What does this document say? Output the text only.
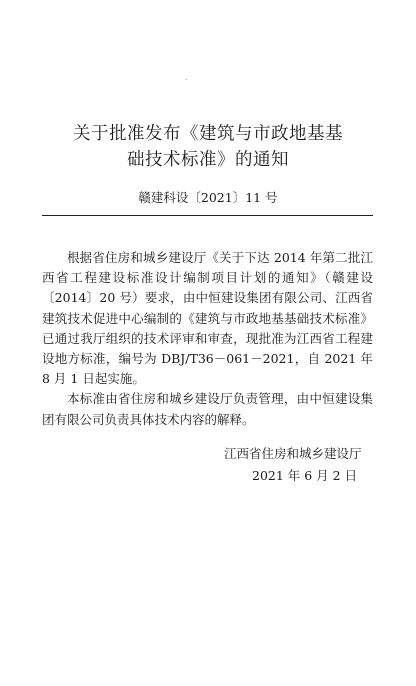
.
关于批准发布《建筑与市政地基基
础技术标准》的通知
赣建科设〔2021〕11 号

根据省住房和城乡建设厅《关于下达 2014 年第二批江西省工程建设标准设计编制项目计划的通知》（赣建设〔2014〕20 号）要求，由中恒建设集团有限公司、江西省建筑技术促进中心编制的《建筑与市政地基基础技术标准》已通过我厅组织的技术评审和审查，现批准为江西省工程建设地方标准，编号为 DBJ/T36－061－2021，自 2021 年 8 月 1 日起实施。

本标准由省住房和城乡建设厅负责管理，由中恒建设集团有限公司负责具体技术内容的解释。

江西省住房和城乡建设厅
2021 年 6 月 2 日
